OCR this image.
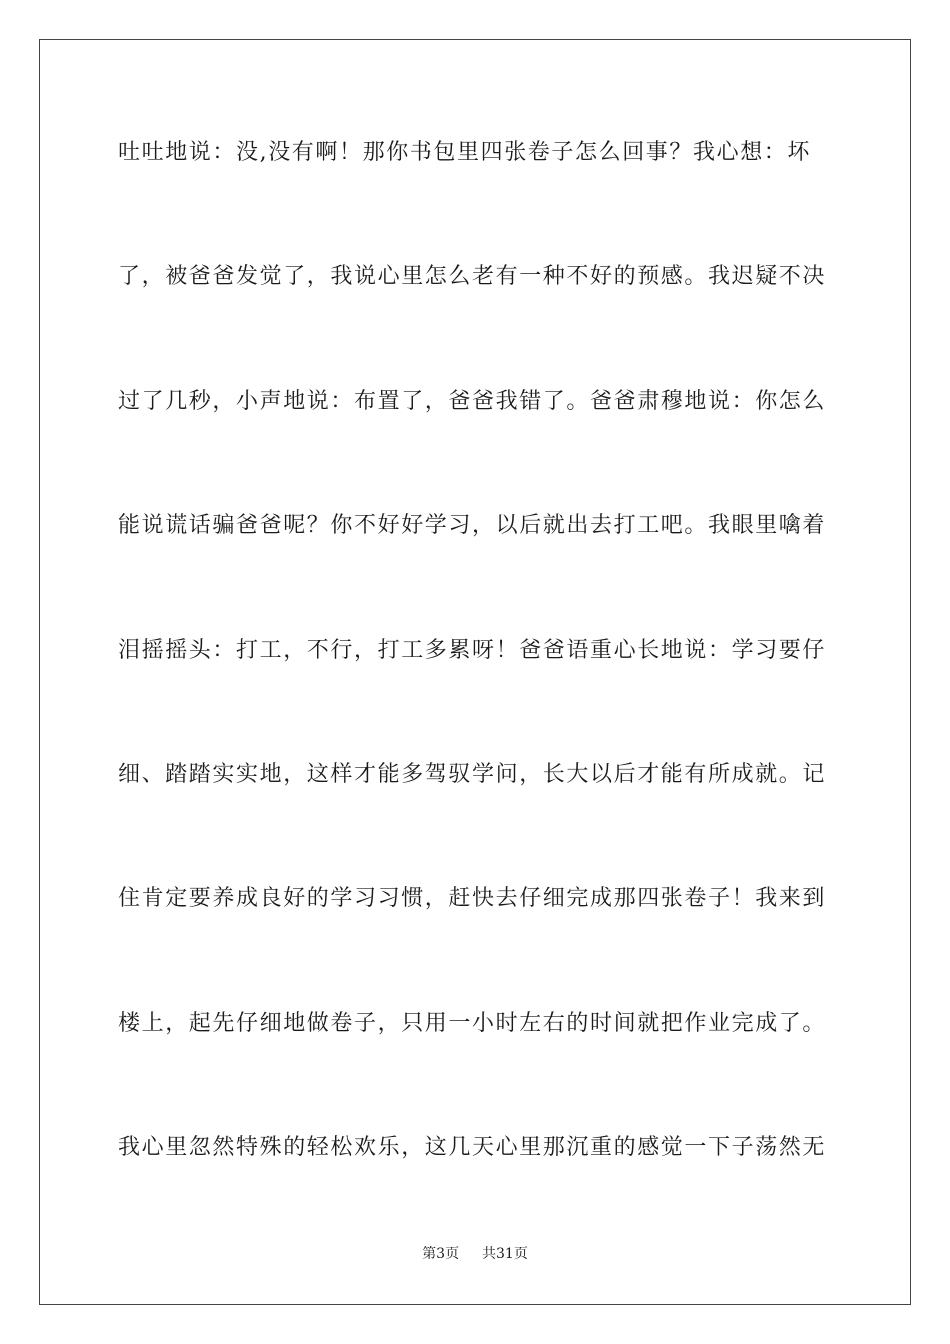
吐吐地说：没,没有啊！那你书包里四张卷子怎么回事？我心想：坏
了，被爸爸发觉了，我说心里怎么老有一种不好的预感。我迟疑不决
过了几秒，小声地说：布置了，爸爸我错了。爸爸肃穆地说：你怎么
能说谎话骗爸爸呢？你不好好学习，以后就出去打工吧。我眼里噙着
泪摇摇头：打工，不行，打工多累呀！爸爸语重心长地说：学习要仔
细、踏踏实实地，这样才能多驾驭学问，长大以后才能有所成就。记
住肯定要养成良好的学习习惯，赶快去仔细完成那四张卷子！我来到
楼上，起先仔细地做卷子，只用一小时左右的时间就把作业完成了。
我心里忽然特殊的轻松欢乐，这几天心里那沉重的感觉一下子荡然无
第3页 共31页
